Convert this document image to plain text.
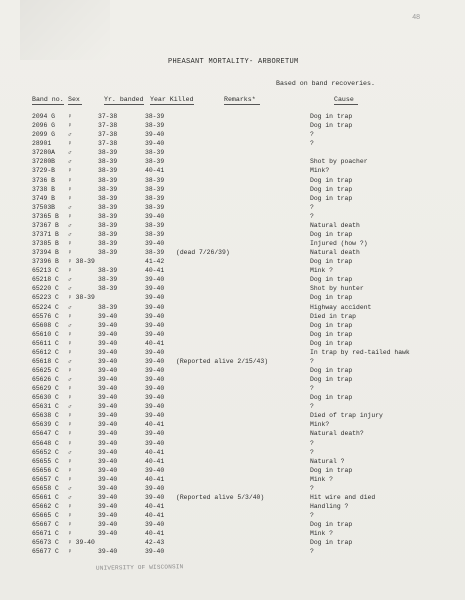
48
PHEASANT MORTALITY- ARBORETUM
Based on band recoveries.
Band no. Sex	Yr. banded Year Killed	Remarks*	Cause
2094 G ♀	37-38	38-39	Dog in trap
2096 G ♀	37-38	38-39	Dog in trap
2099 G ♂	37-38	39-40	?
28901	♀	37-38	39-40	?
37280A ♂	38-39	38-39
37280B ♂	38-39	38-39	Shot by poacher
3729-B ♀	38-39	40-41	Mink?
3736 B ♀	38-39	38-39	Dog in trap
3738 B ♀	38-39	38-39	Dog in trap
3749 B ♀	38-39	38-39	Dog in trap
37503B ♂	38-39	38-39	?
37365 B ♀	38-39	39-40	?
37367 B ♂	38-39	38-39	Natural death
37371 B ♂	38-39	38-39	Dog in trap
37385 B ♀	38-39	39-40	Injured (how ?)
37394 B ♀	38-39	38-39 (dead 7/26/39)	Natural death
37396 B ♀ 38-39	41-42	Dog in trap
65213 C ♀	38-39	40-41	Mink ?
65218 C ♂	38-39	39-40	Dog in trap
65220 C ♂	38-39	39-40	Shot by hunter
65223 C ♀ 38-39	39-40	Dog in trap
65224 C ♂	38-39	39-40	Highway accident
65576 C ♀	39-40	39-40	Died in trap
65608 C ♂	39-40	39-40	Dog in trap
65610 C ♀	39-40	39-40	Dog in trap
65611 C ♀	39-40	40-41	Dog in trap
65612 C ♀	39-40	39-40	In trap by red-tailed hawk
65618 C ♂	39-40	39-40 (Reported alive 2/15/43)	?
65625 C ♀	39-40	39-40	Dog in trap
65626 C ♂	39-40	39-40	Dog in trap
65629 C ♀	39-40	39-40	?
65630 C ♀	39-40	39-40	Dog in trap
65631 C ♂	39-40	39-40	?
65638 C ♀	39-40	39-40	Died of trap injury
65639 C ♀	39-40	40-41	Mink?
65647 C ♀	39-40	39-40	Natural death?
65648 C ♀	39-40	39-40	?
65652 C ♂	39-40	40-41	?
65655 C ♀	39-40	40-41	Natural ?
65656 C ♀	39-40	39-40	Dog in trap
65657 C ♀	39-40	40-41	Mink ?
65658 C ♂	39-40	39-40	?
65661 C ♂	39-40	39-40 (Reported alive 5/3/40)	Hit wire and died
65662 C ♀	39-40	40-41	Handling ?
65665 C ♀	39-40	40-41	?
65667 C ♀	39-40	39-40	Dog in trap
65671 C ♀	39-40	40-41	Mink ?
65673 C ♀ 39-40	42-43	Dog in trap
65677 C ♀	39-40	39-40	?
UNIVERSITY OF WISCONSIN
